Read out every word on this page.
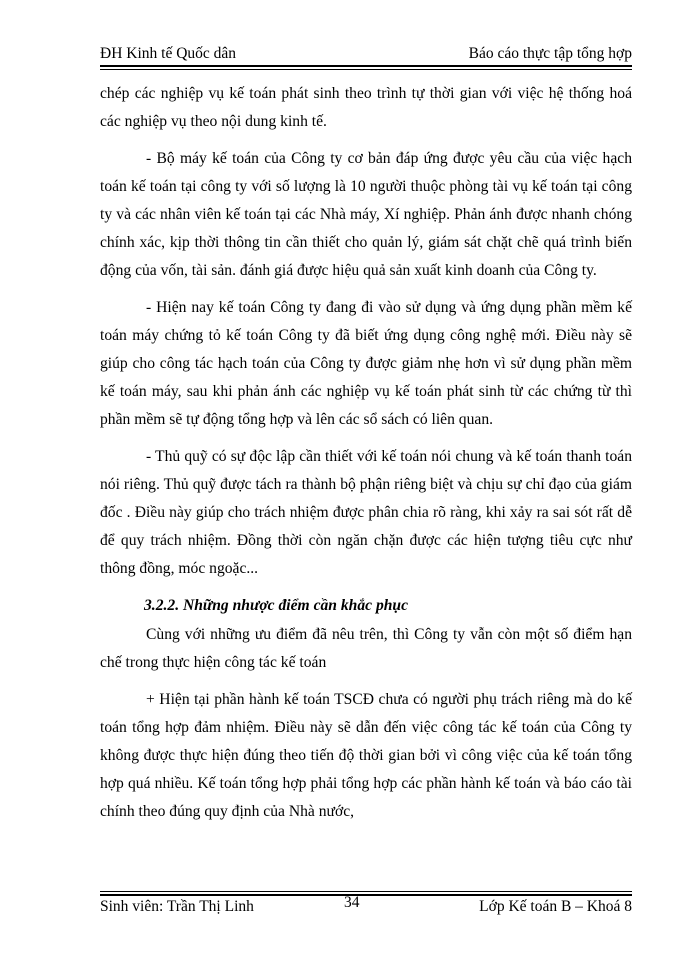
ĐH Kinh tế Quốc dân	Báo cáo thực tập tổng hợp

chép các nghiệp vụ kế toán phát sinh theo trình tự thời gian với việc hệ thống hoá các nghiệp vụ theo nội dung kinh tế.

- Bộ máy kế toán của Công ty cơ bản đáp ứng được yêu cầu của việc hạch toán kế toán tại công ty với số lượng là 10 người thuộc phòng tài vụ kế toán tại công ty và các nhân viên kế toán tại các Nhà máy, Xí nghiệp. Phản ánh được nhanh chóng chính xác, kịp thời thông tin cần thiết cho quản lý, giám sát chặt chẽ quá trình biến động của vốn, tài sản. đánh giá được hiệu quả sản xuất kinh doanh của Công ty.

- Hiện nay kế toán Công ty đang đi vào sử dụng và ứng dụng phần mềm kế toán máy chứng tỏ kế toán Công ty đã biết ứng dụng công nghệ mới. Điều này sẽ giúp cho công tác hạch toán của Công ty được giảm nhẹ hơn vì sử dụng phần mềm kế toán máy, sau khi phản ánh các nghiệp vụ kế toán phát sinh từ các chứng từ thì phần mềm sẽ tự động tổng hợp và lên các sổ sách có liên quan.

- Thủ quỹ có sự độc lập cần thiết với kế toán nói chung và kế toán thanh toán nói riêng. Thủ quỹ được tách ra thành bộ phận riêng biệt và chịu sự chỉ đạo của giám đốc . Điều này giúp cho trách nhiệm được phân chia rõ ràng, khi xảy ra sai sót rất dễ để quy trách nhiệm. Đồng thời còn ngăn chặn được các hiện tượng tiêu cực như thông đồng, móc ngoặc...

3.2.2. Những nhược điểm cần khắc phục

Cùng với những ưu điểm đã nêu trên, thì Công ty vẫn còn một số điểm hạn chế trong thực hiện công tác kế toán

+ Hiện tại phần hành kế toán TSCĐ chưa có người phụ trách riêng mà do kế toán tổng hợp đảm nhiệm. Điều này sẽ dẫn đến việc công tác kế toán của Công ty không được thực hiện đúng theo tiến độ thời gian bởi vì công việc của kế toán tổng hợp quá nhiều. Kế toán tổng hợp phải tổng hợp các phần hành kế toán và báo cáo tài chính theo đúng quy định của Nhà nước,

Sinh viên: Trần Thị Linh	34	Lớp Kế toán B – Khoá 8
